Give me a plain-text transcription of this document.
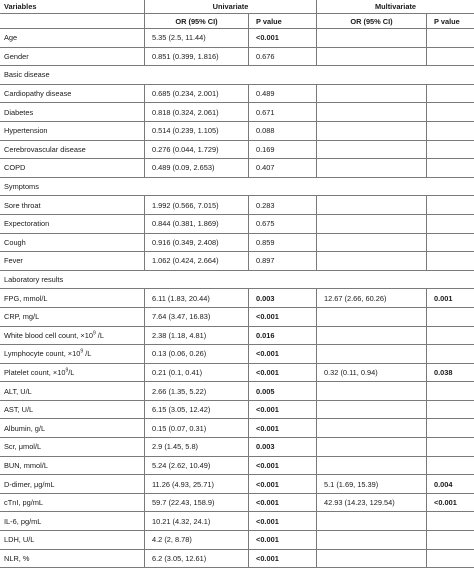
Variables	Univariate		Multivariate	
	OR (95% CI)	P value	OR (95% CI)	P value
Age	5.35 (2.5, 11.44)	<0.001		
Gender	0.851 (0.399, 1.816)	0.676		
Basic disease				
Cardiopathy disease	0.685 (0.234, 2.001)	0.489		
Diabetes	0.818 (0.324, 2.061)	0.671		
Hypertension	0.514 (0.239, 1.105)	0.088		
Cerebrovascular disease	0.276 (0.044, 1.729)	0.169		
COPD	0.489 (0.09, 2.653)	0.407		
Symptoms				
Sore throat	1.992 (0.566, 7.015)	0.283		
Expectoration	0.844 (0.381, 1.869)	0.675		
Cough	0.916 (0.349, 2.408)	0.859		
Fever	1.062 (0.424, 2.664)	0.897		
Laboratory results				
FPG, mmol/L	6.11 (1.83, 20.44)	0.003	12.67 (2.66, 60.26)	0.001
CRP, mg/L	7.64 (3.47, 16.83)	<0.001		
White blood cell count, $\times 10^9$ /L	2.38 (1.18, 4.81)	0.016		
Lymphocyte count, $\times 10^9$ /L	0.13 (0.06, 0.26)	<0.001		
Platelet count, $\times 10^9/L$	0.21 (0.1, 0.41)	<0.001	0.32 (0.11, 0.94)	0.038
ALT, U/L	2.66 (1.35, 5.22)	0.005		
AST, U/L	6.15 (3.05, 12.42)	<0.001		
Albumin, g/L	0.15 (0.07, 0.31)	<0.001		
Scr, μmol/L	2.9 (1.45, 5.8)	0.003		
BUN, mmol/L	5.24 (2.62, 10.49)	<0.001		
D-dimer, μg/mL	11.26 (4.93, 25.71)	<0.001	5.1 (1.69, 15.39)	0.004
cTnI, pg/mL	59.7 (22.43, 158.9)	<0.001	42.93 (14.23, 129.54)	<0.001
IL-6, pg/mL	10.21 (4.32, 24.1)	<0.001		
LDH, U/L	4.2 (2, 8.78)	<0.001		
NLR, %	6.2 (3.05, 12.61)	<0.001		
